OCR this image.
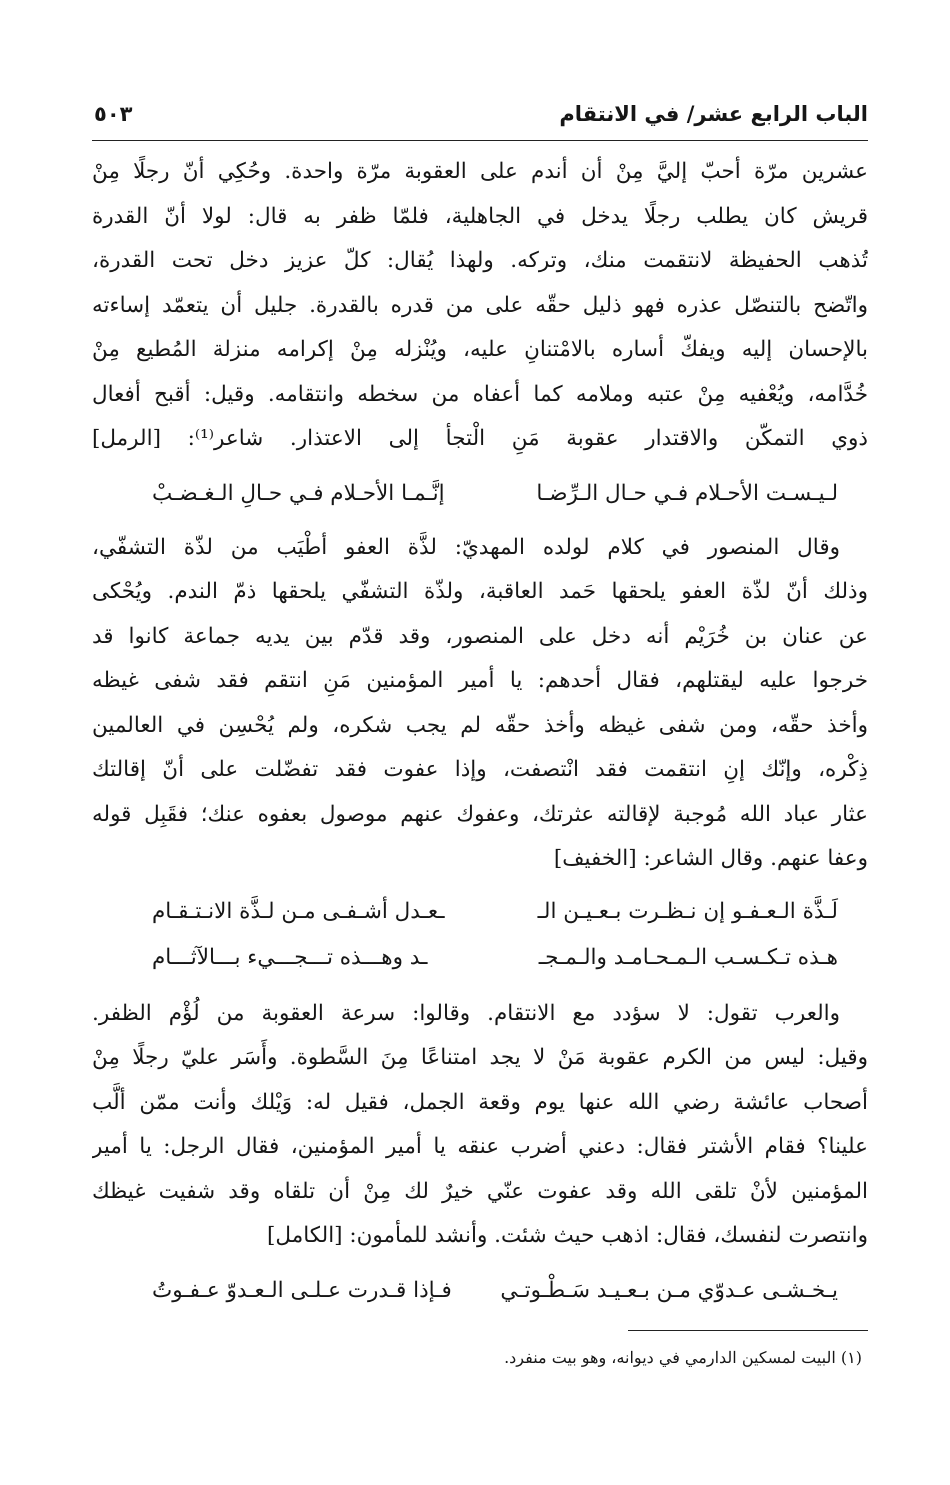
الباب الرابع عشر/ في الانتقام
٥٠٣
عشرين مرّة أحبّ إليَّ مِنْ أن أندم على العقوبة مرّة واحدة. وحُكِي أنّ رجلًا مِنْ
قريش كان يطلب رجلًا يدخل في الجاهلية، فلمّا ظفر به قال: لولا أنّ القدرة
تُذهب الحفيظة لانتقمت منك، وتركه. ولهذا يُقال: كلّ عزيز دخل تحت القدرة،
واتّضح بالتنصّل عذره فهو ذليل حقّه على من قدره بالقدرة. جليل أن يتعمّد إساءته
بالإحسان إليه ويفكّ أساره بالامْتنانِ عليه، ويُنْزله مِنْ إكرامه منزلة المُطيع مِنْ
خُدَّامه، ويُعْفيه مِنْ عتبه وملامه كما أعفاه من سخطه وانتقامه. وقيل: أقبح أفعال
ذوي التمكّن والاقتدار عقوبة مَنِ الْتجأ إلى الاعتذار. شاعر⁽¹⁾: [الرمل]
لـيـسـت الأحـلام فـي حـال الـرِّضـا
إنَّـمـا الأحـلام فـي حـالِ الـغـضـبْ
وقال المنصور في كلام لولده المهديّ: لذَّة العفو أطْيَب من لذّة التشفّي،
وذلك أنّ لذّة العفو يلحقها حَمد العاقبة، ولذّة التشفّي يلحقها ذمّ الندم. ويُحْكى
عن عنان بن خُرَيْم أنه دخل على المنصور، وقد قدّم بين يديه جماعة كانوا قد
خرجوا عليه ليقتلهم، فقال أحدهم: يا أمير المؤمنين مَنِ انتقم فقد شفى غيظه
وأخذ حقّه، ومن شفى غيظه وأخذ حقّه لم يجب شكره، ولم يُحْسِن في العالمين
ذِكْره، وإنّك إنِ انتقمت فقد انْتصفت، وإذا عفوت فقد تفضّلت على أنّ إقالتك
عثار عباد الله مُوجبة لإقالته عثرتك، وعفوك عنهم موصول بعفوه عنك؛ فقَبِل قوله
وعفا عنهم. وقال الشاعر: [الخفيف]
لَـذَّة الـعـفـو إن نـظـرت بـعـيـن الـ
ـعـدل أشـفـى مـن لـذَّة الانـتـقـام
هـذه تـكـسـب الـمـحـامـد والـمـجـ
ـد وهـــذه تـــجـــيء بـــالآثـــام
والعرب تقول: لا سؤدد مع الانتقام. وقالوا: سرعة العقوبة من لُؤْم الظفر.
وقيل: ليس من الكرم عقوبة مَنْ لا يجد امتناعًا مِنَ السَّطوة. وأَسَر عليّ رجلًا مِنْ
أصحاب عائشة رضي الله عنها يوم وقعة الجمل، فقيل له: وَيْلك وأنت ممّن ألَّب
علينا؟ فقام الأشتر فقال: دعني أضرب عنقه يا أمير المؤمنين، فقال الرجل: يا أمير
المؤمنين لأنْ تلقى الله وقد عفوت عنّي خيرٌ لك مِنْ أن تلقاه وقد شفيت غيظك
وانتصرت لنفسك، فقال: اذهب حيث شئت. وأنشد للمأمون: [الكامل]
يـخـشـى عـدوّي مـن بـعـيـد سَـطْـوتـي
فـإذا قـدرت عـلـى الـعـدوّ عـفـوتُ
(١) البيت لمسكين الدارمي في ديوانه، وهو بيت منفرد.
